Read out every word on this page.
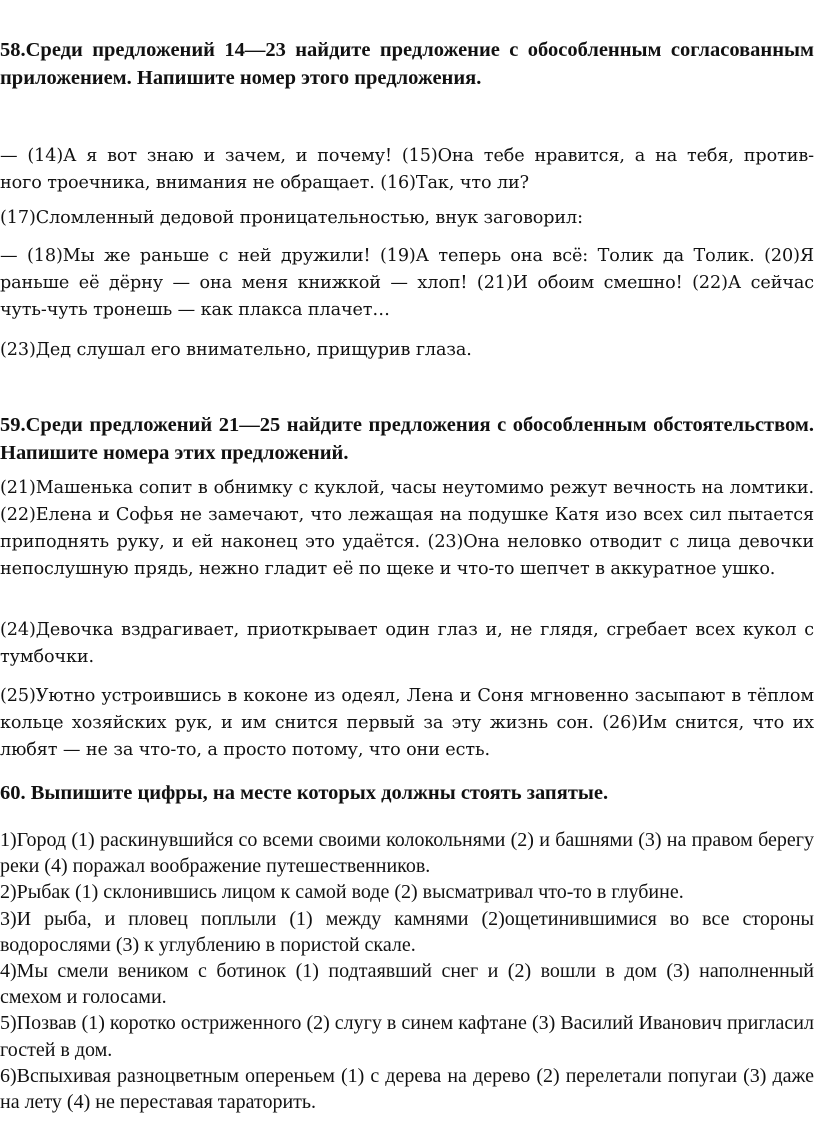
58.Среди предложений 14—23 найдите предложение с обособленным согласованным приложением. Напишите номер этого предложения.

— (14)А я вот знаю и зачем, и почему! (15)Она тебе нравится, а на тебя, против-

ного троечника, внимания не обращает. (16)Так, что ли?

(17)Сломленный дедовой проницательностью, внук заговорил:

— (18)Мы же раньше с ней дружили! (19)А теперь она всё: Толик да Толик. (20)Я

раньше её дёрну — она меня книжкой — хлоп! (21)И обоим смешно! (22)А сейчас

чуть-чуть тронешь — как плакса плачет…

(23)Дед слушал его внимательно, прищурив глаза.

59.Среди предложений 21—25 найдите предложения с обособленным обстоятельством. Напишите номера этих предложений.

(21)Машенька сопит в обнимку с куклой, часы неутомимо режут вечность на ломтики. (22)Елена и Софья не замечают, что лежащая на подушке Катя изо всех сил пытается приподнять руку, и ей наконец это удаётся. (23)Она неловко отводит с лица девочки непослушную прядь, нежно гладит её по щеке и что-то шепчет в аккуратное ушко.

(24)Девочка вздрагивает, приоткрывает один глаз и, не глядя, сгребает всех кукол с тумбочки.

(25)Уютно устроившись в коконе из одеял, Лена и Соня мгновенно засыпают в тёплом кольце хозяйских рук, и им снится первый за эту жизнь сон. (26)Им снится, что их любят — не за что-то, а просто потому, что они есть.

60. Выпишите цифры, на месте которых должны стоять запятые.

1)Город (1) раскинувшийся со всеми своими колокольнями (2) и башнями (3) на правом берегу реки (4) поражал воображение путешественников.

2)Рыбак (1) склонившись лицом к самой воде (2) высматривал что-то в глубине.

3)И рыба, и пловец поплыли (1) между камнями (2)ощетинившимися во все стороны водорослями (3) к углублению в пористой скале.

4)Мы смели веником с ботинок (1) подтаявший снег и (2) вошли в дом (3) наполненный смехом и голосами.

5)Позвав (1) коротко остриженного (2) слугу в синем кафтане (3) Василий Иванович пригласил гостей в дом.

6)Вспыхивая разноцветным опереньем (1) с дерева на дерево (2) перелетали попугаи (3) даже на лету (4) не переставая тараторить.
